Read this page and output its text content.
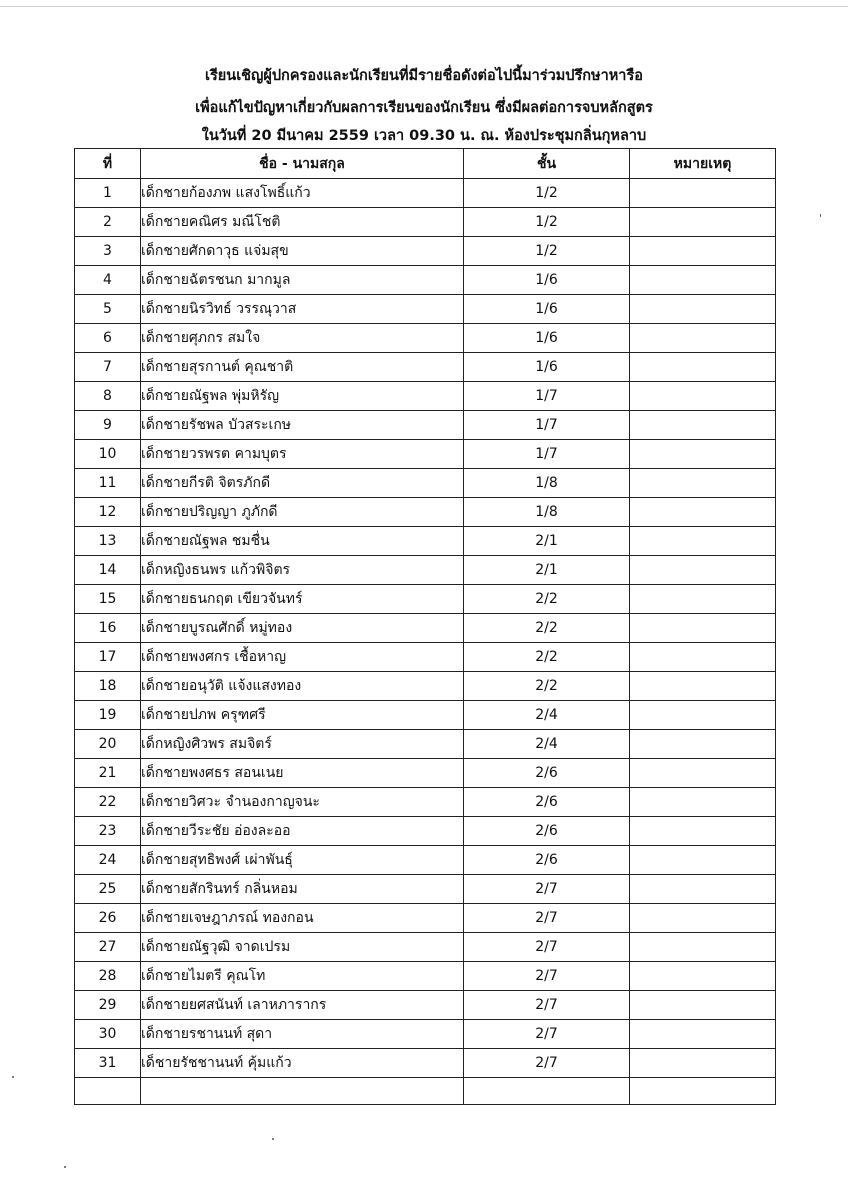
เรียนเชิญผู้ปกครองและนักเรียนที่มีรายชื่อดังต่อไปนี้มาร่วมปรึกษาหารือ
เพื่อแก้ไขปัญหาเกี่ยวกับผลการเรียนของนักเรียน ซึ่งมีผลต่อการจบหลักสูตร
ในวันที่ 20 มีนาคม 2559 เวลา 09.30 น. ณ. ห้องประชุมกลิ่นกุหลาบ
ที่	ชื่อ - นามสกุล	ชั้น	หมายเหตุ
1	เด็กชายก้องภพ แสงโพธิ์แก้ว	1/2	
2	เด็กชายคณิศร มณีโชติ	1/2	
3	เด็กชายศักดาวุธ แจ่มสุข	1/2	
4	เด็กชายฉัตรชนก มากมูล	1/6	
5	เด็กชายนิรวิทธ์ วรรณุวาส	1/6	
6	เด็กชายศุภกร สมใจ	1/6	
7	เด็กชายสุรกานต์ คุณชาติ	1/6	
8	เด็กชายณัฐพล พุ่มหิรัญ	1/7	
9	เด็กชายรัชพล บัวสระเกษ	1/7	
10	เด็กชายวรพรต คามบุตร	1/7	
11	เด็กชายกีรติ จิตรภักดี	1/8	
12	เด็กชายปริญญา ภูภักดี	1/8	
13	เด็กชายณัฐพล ชมชื่น	2/1	
14	เด็กหญิงธนพร แก้วพิจิตร	2/1	
15	เด็กชายธนกฤต เขียวจันทร์	2/2	
16	เด็กชายบูรณศักดิ์ หมู่ทอง	2/2	
17	เด็กชายพงศกร เชื้อหาญ	2/2	
18	เด็กชายอนุวัติ แจ้งแสงทอง	2/2	
19	เด็กชายปภพ ครุฑศรี	2/4	
20	เด็กหญิงศิวพร สมจิตร์	2/4	
21	เด็กชายพงศธร สอนเนย	2/6	
22	เด็กชายวิศวะ จำนองกาญจนะ	2/6	
23	เด็กชายวีระชัย อ่องละออ	2/6	
24	เด็กชายสุทธิพงศ์ เผ่าพันธุ์	2/6	
25	เด็กชายสักรินทร์ กลิ่นหอม	2/7	
26	เด็กชายเจษฎาภรณ์ ทองกอน	2/7	
27	เด็กชายณัฐวุฒิ จาดเปรม	2/7	
28	เด็กชายไมตรี คุณโท	2/7	
29	เด็กชายยศสนันท์ เลาหภารากร	2/7	
30	เด็กชายรชานนท์ สุดา	2/7	
31	เด็ชายรัชชานนท์ คุ้มแก้ว	2/7	
